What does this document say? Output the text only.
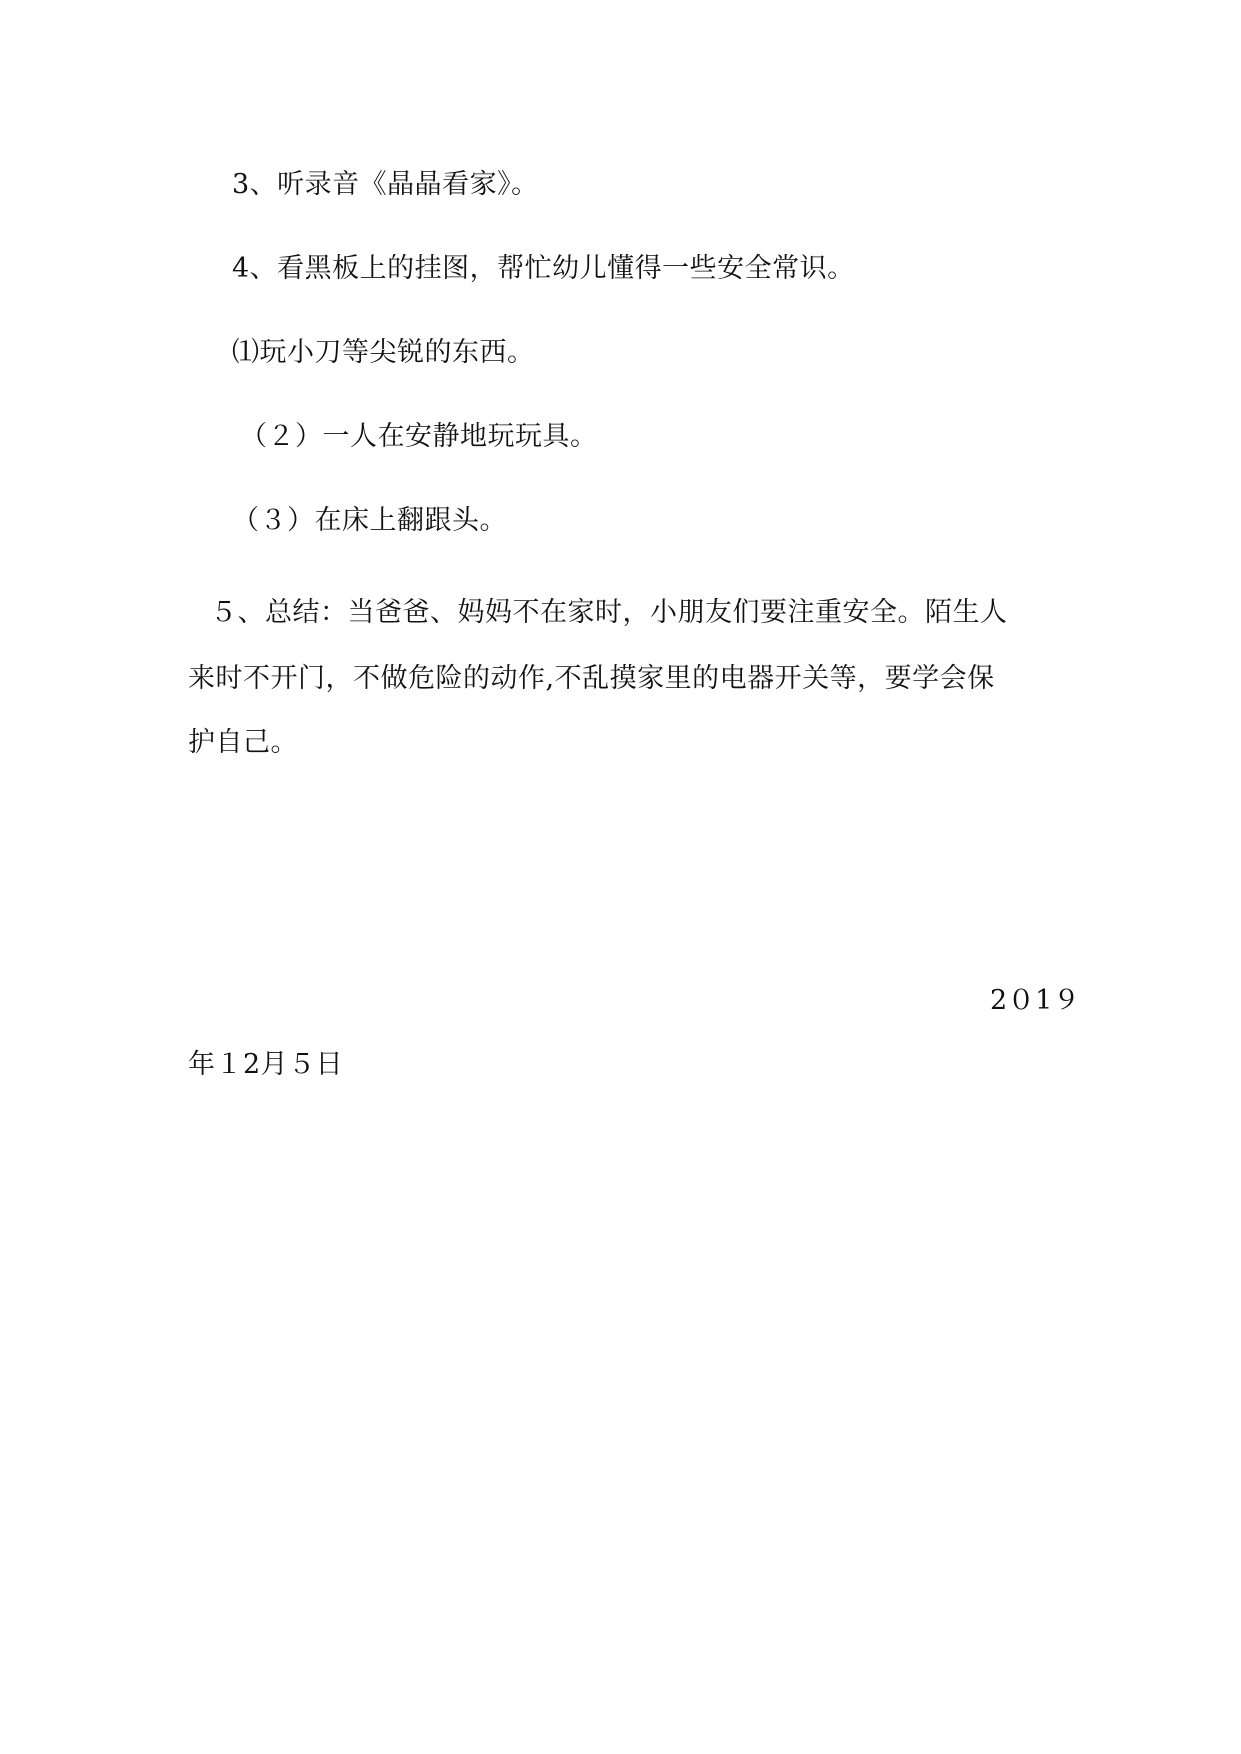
3、听录音《晶晶看家》。
4、看黑板上的挂图，帮忙幼儿懂得一些安全常识。
⑴玩小刀等尖锐的东西。
（２）一人在安静地玩玩具。
（３）在床上翻跟头。
５、总结：当爸爸、妈妈不在家时，小朋友们要注重安全。陌生人
来时不开门，不做危险的动作,不乱摸家里的电器开关等，要学会保
护自己。
2０1９
年１2月５日
